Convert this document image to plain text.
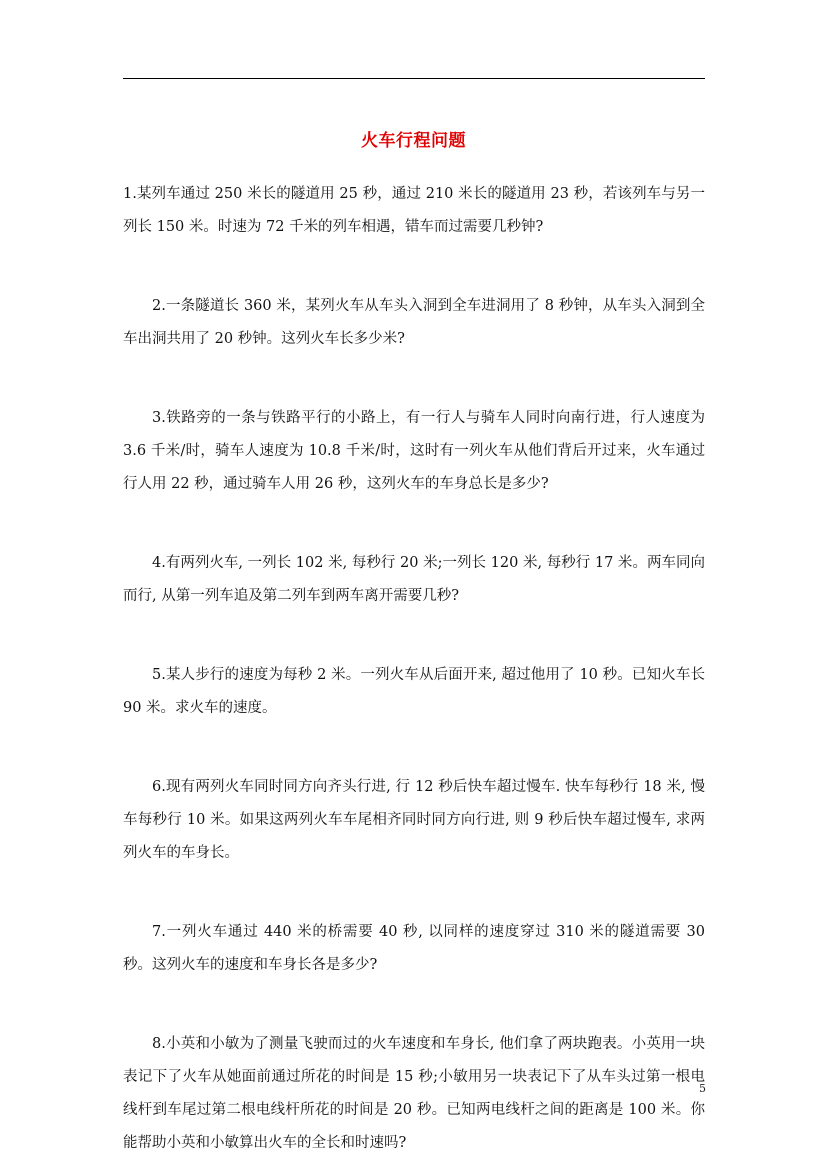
火车行程问题

1.某列车通过 250 米长的隧道用 25 秒，通过 210 米长的隧道用 23 秒，若该列车与另一列长 150 米。时速为 72 千米的列车相遇，错车而过需要几秒钟?

2.一条隧道长 360 米，某列火车从车头入洞到全车进洞用了 8 秒钟，从车头入洞到全车出洞共用了 20 秒钟。这列火车长多少米?

3.铁路旁的一条与铁路平行的小路上，有一行人与骑车人同时向南行进，行人速度为 3.6 千米/时，骑车人速度为 10.8 千米/时，这时有一列火车从他们背后开过来，火车通过行人用 22 秒，通过骑车人用 26 秒，这列火车的车身总长是多少?

4.有两列火车, 一列长 102 米, 每秒行 20 米;一列长 120 米, 每秒行 17 米。两车同向而行, 从第一列车追及第二列车到两车离开需要几秒?

5.某人步行的速度为每秒 2 米。一列火车从后面开来, 超过他用了 10 秒。已知火车长 90 米。求火车的速度。

6.现有两列火车同时同方向齐头行进, 行 12 秒后快车超过慢车. 快车每秒行 18 米, 慢车每秒行 10 米。如果这两列火车车尾相齐同时同方向行进, 则 9 秒后快车超过慢车, 求两列火车的车身长。

7.一列火车通过 440 米的桥需要 40 秒, 以同样的速度穿过 310 米的隧道需要 30 秒。这列火车的速度和车身长各是多少?

8.小英和小敏为了测量飞驶而过的火车速度和车身长, 他们拿了两块跑表。小英用一块表记下了火车从她面前通过所花的时间是 15 秒;小敏用另一块表记下了从车头过第一根电线杆到车尾过第二根电线杆所花的时间是 20 秒。已知两电线杆之间的距离是 100 米。你能帮助小英和小敏算出火车的全长和时速吗?

5
